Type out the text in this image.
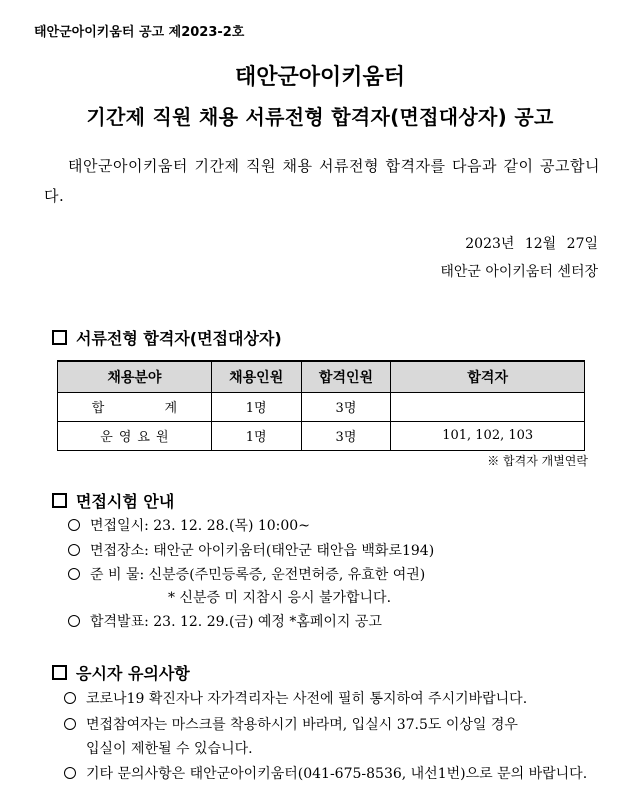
태안군아이키움터 공고 제2023-2호
태안군아이키움터
기간제 직원 채용 서류전형 합격자(면접대상자) 공고
태안군아이키움터 기간제 직원 채용 서류전형 합격자를 다음과 같이 공고합니다.
2023년 12월 27일
태안군 아이키움터 센터장
서류전형 합격자(면접대상자)
채용분야	채용인원	합격인원	합격자
합 계	1명	3명	
운영요원	1명	3명	101, 102, 103
※ 합격자 개별연락
면접시험 안내
면접일시: 23. 12. 28.(목) 10:00~
면접장소: 태안군 아이키움터(태안군 태안읍 백화로194)
준 비 물: 신분증(주민등록증, 운전면허증, 유효한 여권)
* 신분증 미 지참시 응시 불가합니다.
합격발표: 23. 12. 29.(금) 예정 *홈페이지 공고
응시자 유의사항
코로나19 확진자나 자가격리자는 사전에 필히 통지하여 주시기바랍니다.
면접참여자는 마스크를 착용하시기 바라며, 입실시 37.5도 이상일 경우
입실이 제한될 수 있습니다.
기타 문의사항은 태안군아이키움터(041-675-8536, 내선1번)으로 문의 바랍니다.
